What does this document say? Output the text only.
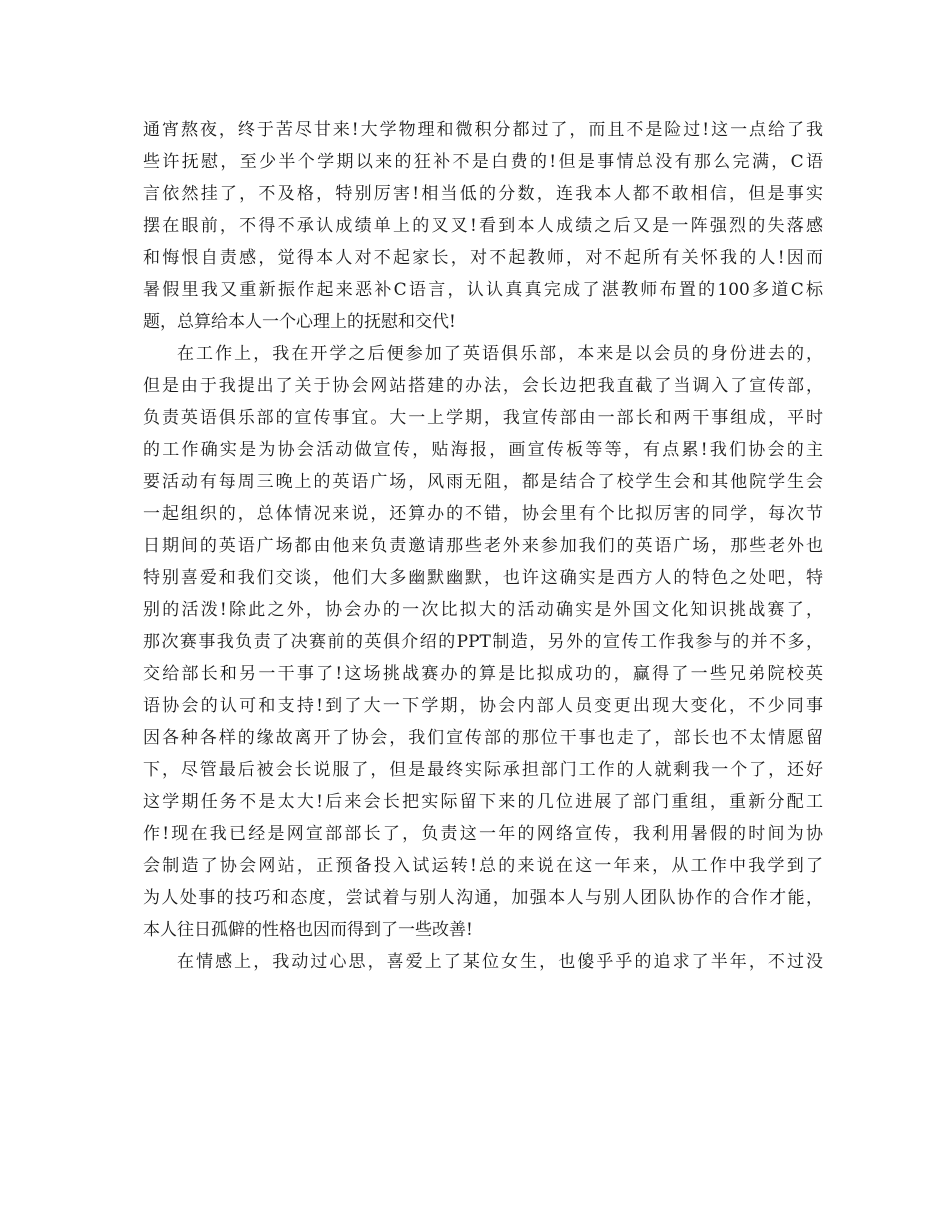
通宵熬夜，终于苦尽甘来!大学物理和微积分都过了，而且不是险过!这一点给了我
些许抚慰，至少半个学期以来的狂补不是白费的!但是事情总没有那么完满，C语
言依然挂了，不及格，特别厉害!相当低的分数，连我本人都不敢相信，但是事实
摆在眼前，不得不承认成绩单上的叉叉!看到本人成绩之后又是一阵强烈的失落感
和悔恨自责感，觉得本人对不起家长，对不起教师，对不起所有关怀我的人!因而
暑假里我又重新振作起来恶补C语言，认认真真完成了湛教师布置的100多道C标
题，总算给本人一个心理上的抚慰和交代!
在工作上，我在开学之后便参加了英语俱乐部，本来是以会员的身份进去的，
但是由于我提出了关于协会网站搭建的办法，会长边把我直截了当调入了宣传部，
负责英语俱乐部的宣传事宜。大一上学期，我宣传部由一部长和两干事组成，平时
的工作确实是为协会活动做宣传，贴海报，画宣传板等等，有点累!我们协会的主
要活动有每周三晚上的英语广场，风雨无阻，都是结合了校学生会和其他院学生会
一起组织的，总体情况来说，还算办的不错，协会里有个比拟厉害的同学，每次节
日期间的英语广场都由他来负责邀请那些老外来参加我们的英语广场，那些老外也
特别喜爱和我们交谈，他们大多幽默幽默，也许这确实是西方人的特色之处吧，特
别的活泼!除此之外，协会办的一次比拟大的活动确实是外国文化知识挑战赛了，
那次赛事我负责了决赛前的英俱介绍的PPT制造，另外的宣传工作我参与的并不多，
交给部长和另一干事了!这场挑战赛办的算是比拟成功的，赢得了一些兄弟院校英
语协会的认可和支持!到了大一下学期，协会内部人员变更出现大变化，不少同事
因各种各样的缘故离开了协会，我们宣传部的那位干事也走了，部长也不太情愿留
下，尽管最后被会长说服了，但是最终实际承担部门工作的人就剩我一个了，还好
这学期任务不是太大!后来会长把实际留下来的几位进展了部门重组，重新分配工
作!现在我已经是网宣部部长了，负责这一年的网络宣传，我利用暑假的时间为协
会制造了协会网站，正预备投入试运转!总的来说在这一年来，从工作中我学到了
为人处事的技巧和态度，尝试着与别人沟通，加强本人与别人团队协作的合作才能，
本人往日孤僻的性格也因而得到了一些改善!
在情感上，我动过心思，喜爱上了某位女生，也傻乎乎的追求了半年，不过没
